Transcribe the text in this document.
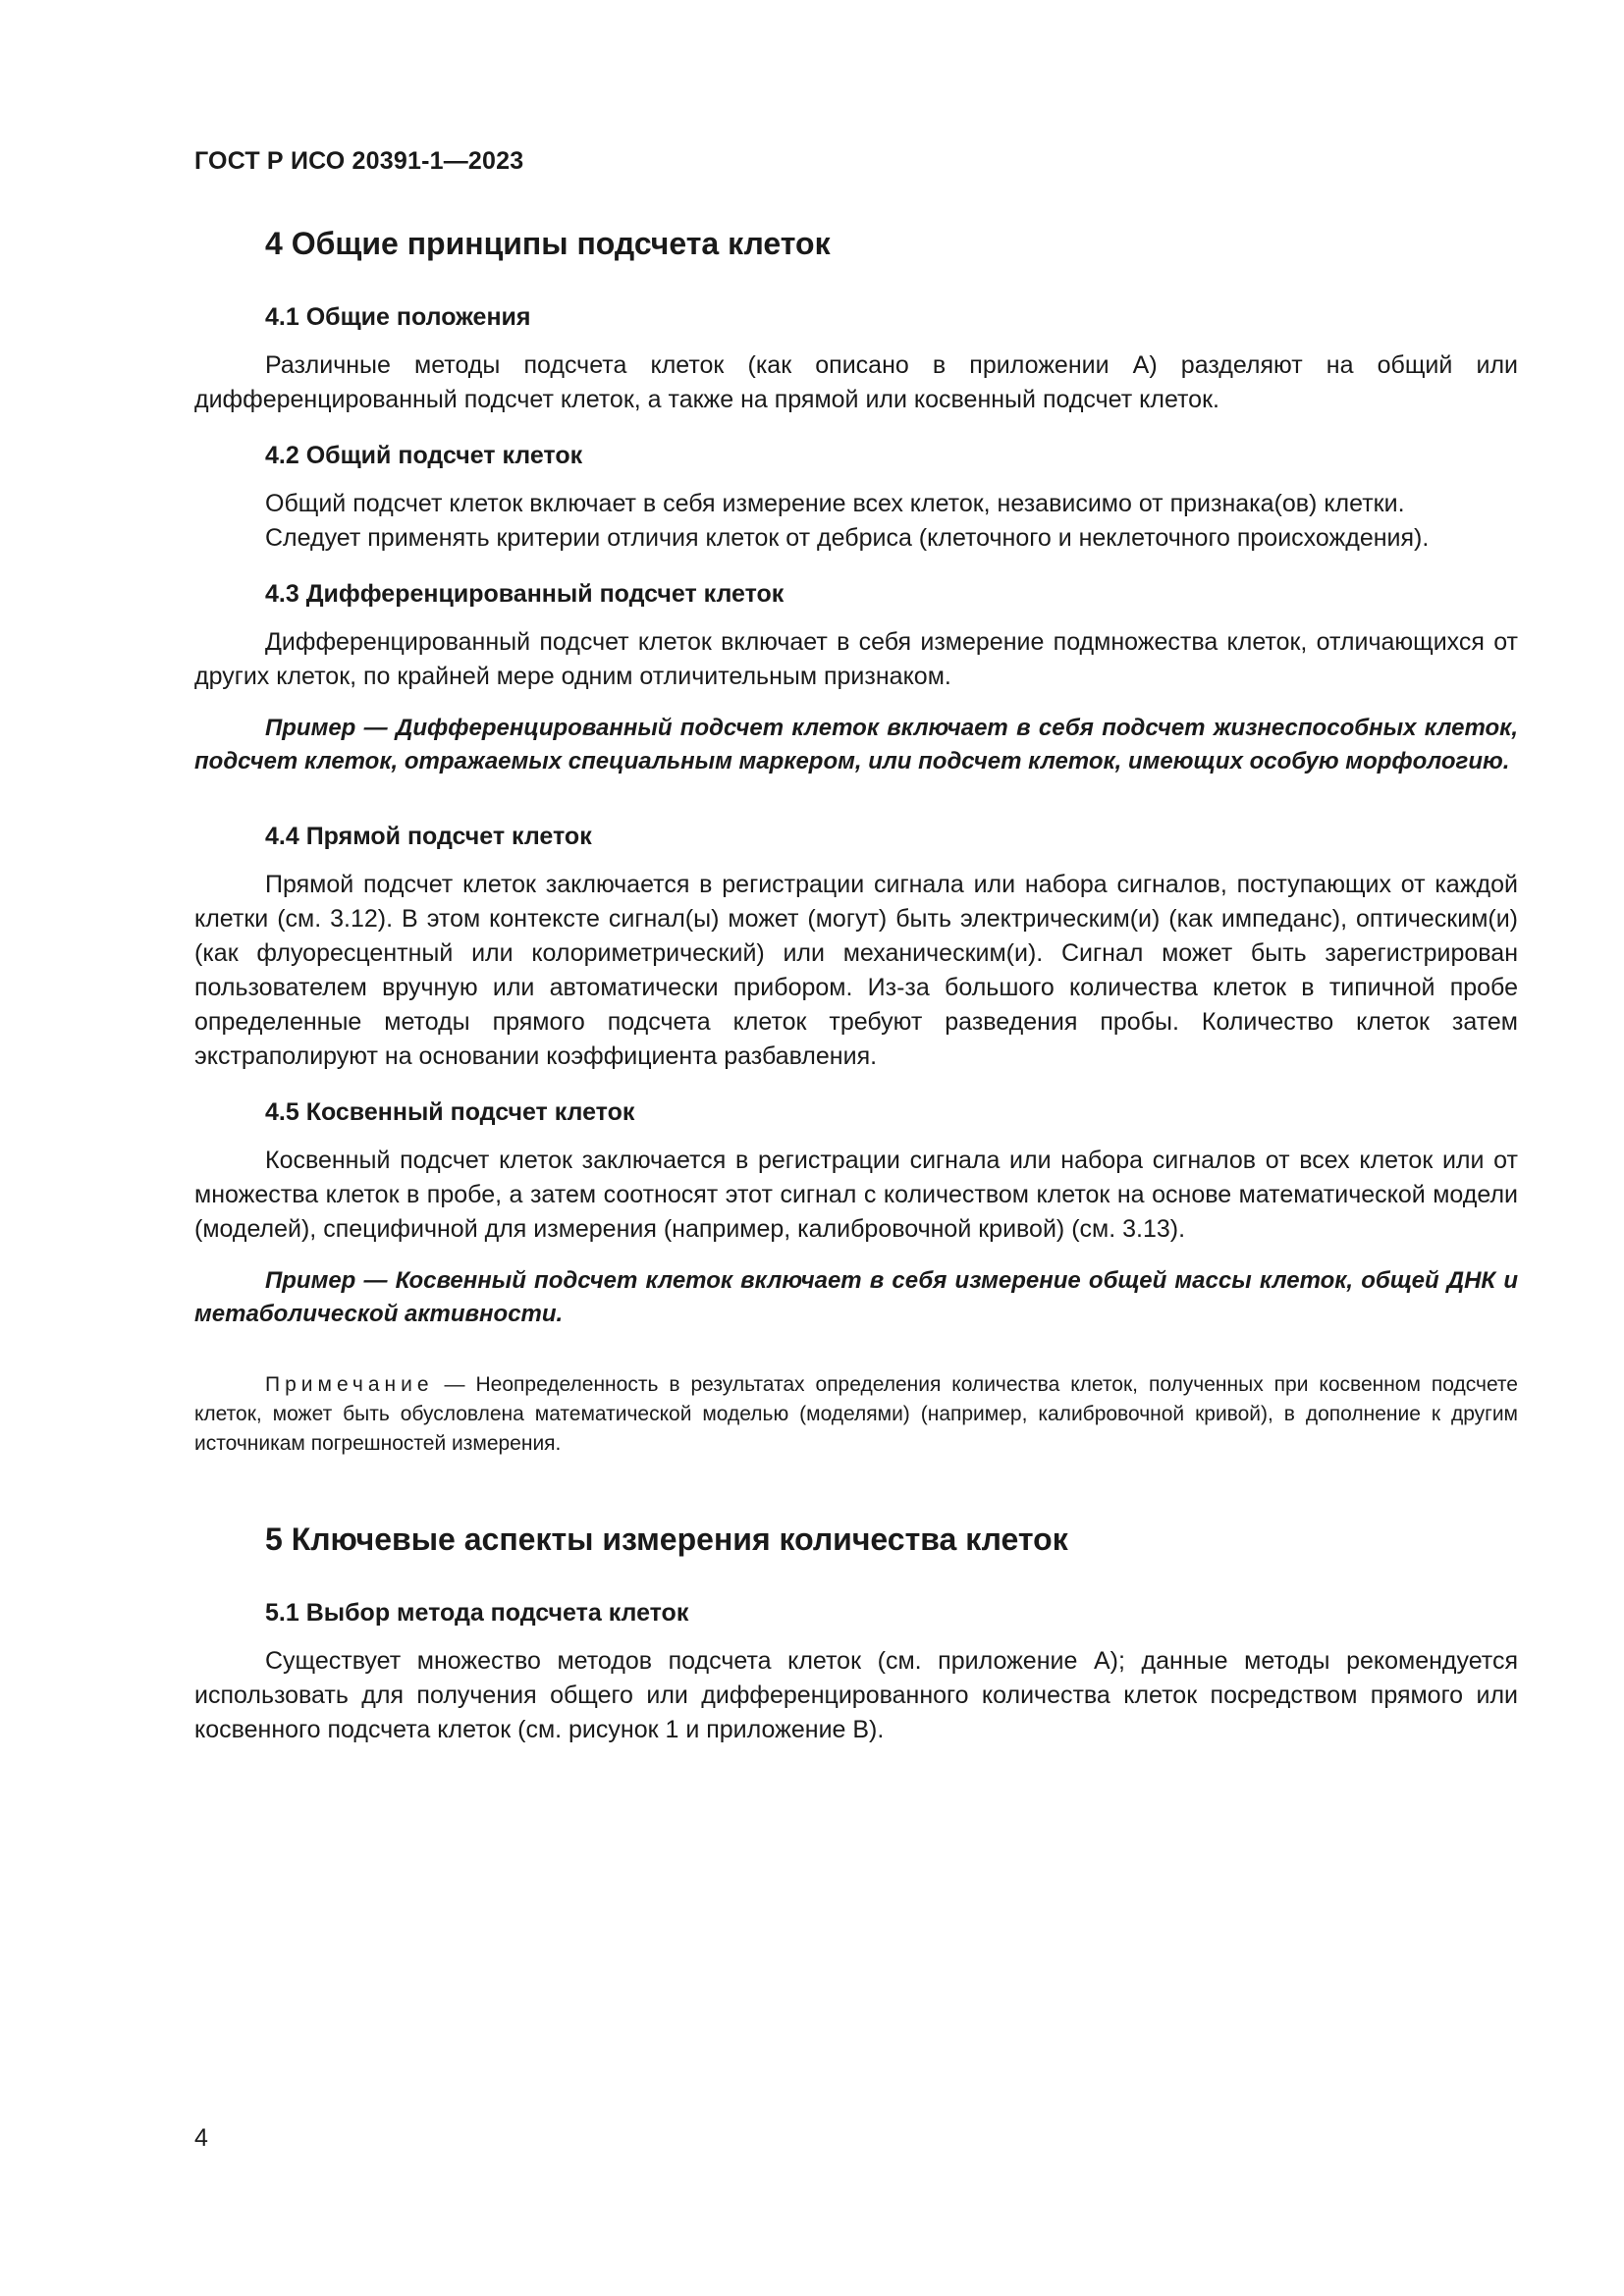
ГОСТ Р ИСО 20391-1—2023
4 Общие принципы подсчета клеток
4.1 Общие положения

Различные методы подсчета клеток (как описано в приложении А) разделяют на общий или дифференцированный подсчет клеток, а также на прямой или косвенный подсчет клеток.

4.2 Общий подсчет клеток

Общий подсчет клеток включает в себя измерение всех клеток, независимо от признака(ов) клетки.

Следует применять критерии отличия клеток от дебриса (клеточного и неклеточного происхождения).

4.3 Дифференцированный подсчет клеток

Дифференцированный подсчет клеток включает в себя измерение подмножества клеток, отличающихся от других клеток, по крайней мере одним отличительным признаком.

Пример — Дифференцированный подсчет клеток включает в себя подсчет жизнеспособных клеток, подсчет клеток, отражаемых специальным маркером, или подсчет клеток, имеющих особую морфологию.

4.4 Прямой подсчет клеток

Прямой подсчет клеток заключается в регистрации сигнала или набора сигналов, поступающих от каждой клетки (см. 3.12). В этом контексте сигнал(ы) может (могут) быть электрическим(и) (как импеданс), оптическим(и) (как флуоресцентный или колориметрический) или механическим(и). Сигнал может быть зарегистрирован пользователем вручную или автоматически прибором. Из-за большого количества клеток в типичной пробе определенные методы прямого подсчета клеток требуют разведения пробы. Количество клеток затем экстраполируют на основании коэффициента разбавления.

4.5 Косвенный подсчет клеток

Косвенный подсчет клеток заключается в регистрации сигнала или набора сигналов от всех клеток или от множества клеток в пробе, а затем соотносят этот сигнал с количеством клеток на основе математической модели (моделей), специфичной для измерения (например, калибровочной кривой) (см. 3.13).

Пример — Косвенный подсчет клеток включает в себя измерение общей массы клеток, общей ДНК и метаболической активности.

Примечание — Неопределенность в результатах определения количества клеток, полученных при косвенном подсчете клеток, может быть обусловлена математической моделью (моделями) (например, калибровочной кривой), в дополнение к другим источникам погрешностей измерения.

5 Ключевые аспекты измерения количества клеток
5.1 Выбор метода подсчета клеток

Существует множество методов подсчета клеток (см. приложение А); данные методы рекомендуется использовать для получения общего или дифференцированного количества клеток посредством прямого или косвенного подсчета клеток (см. рисунок 1 и приложение В).

4
